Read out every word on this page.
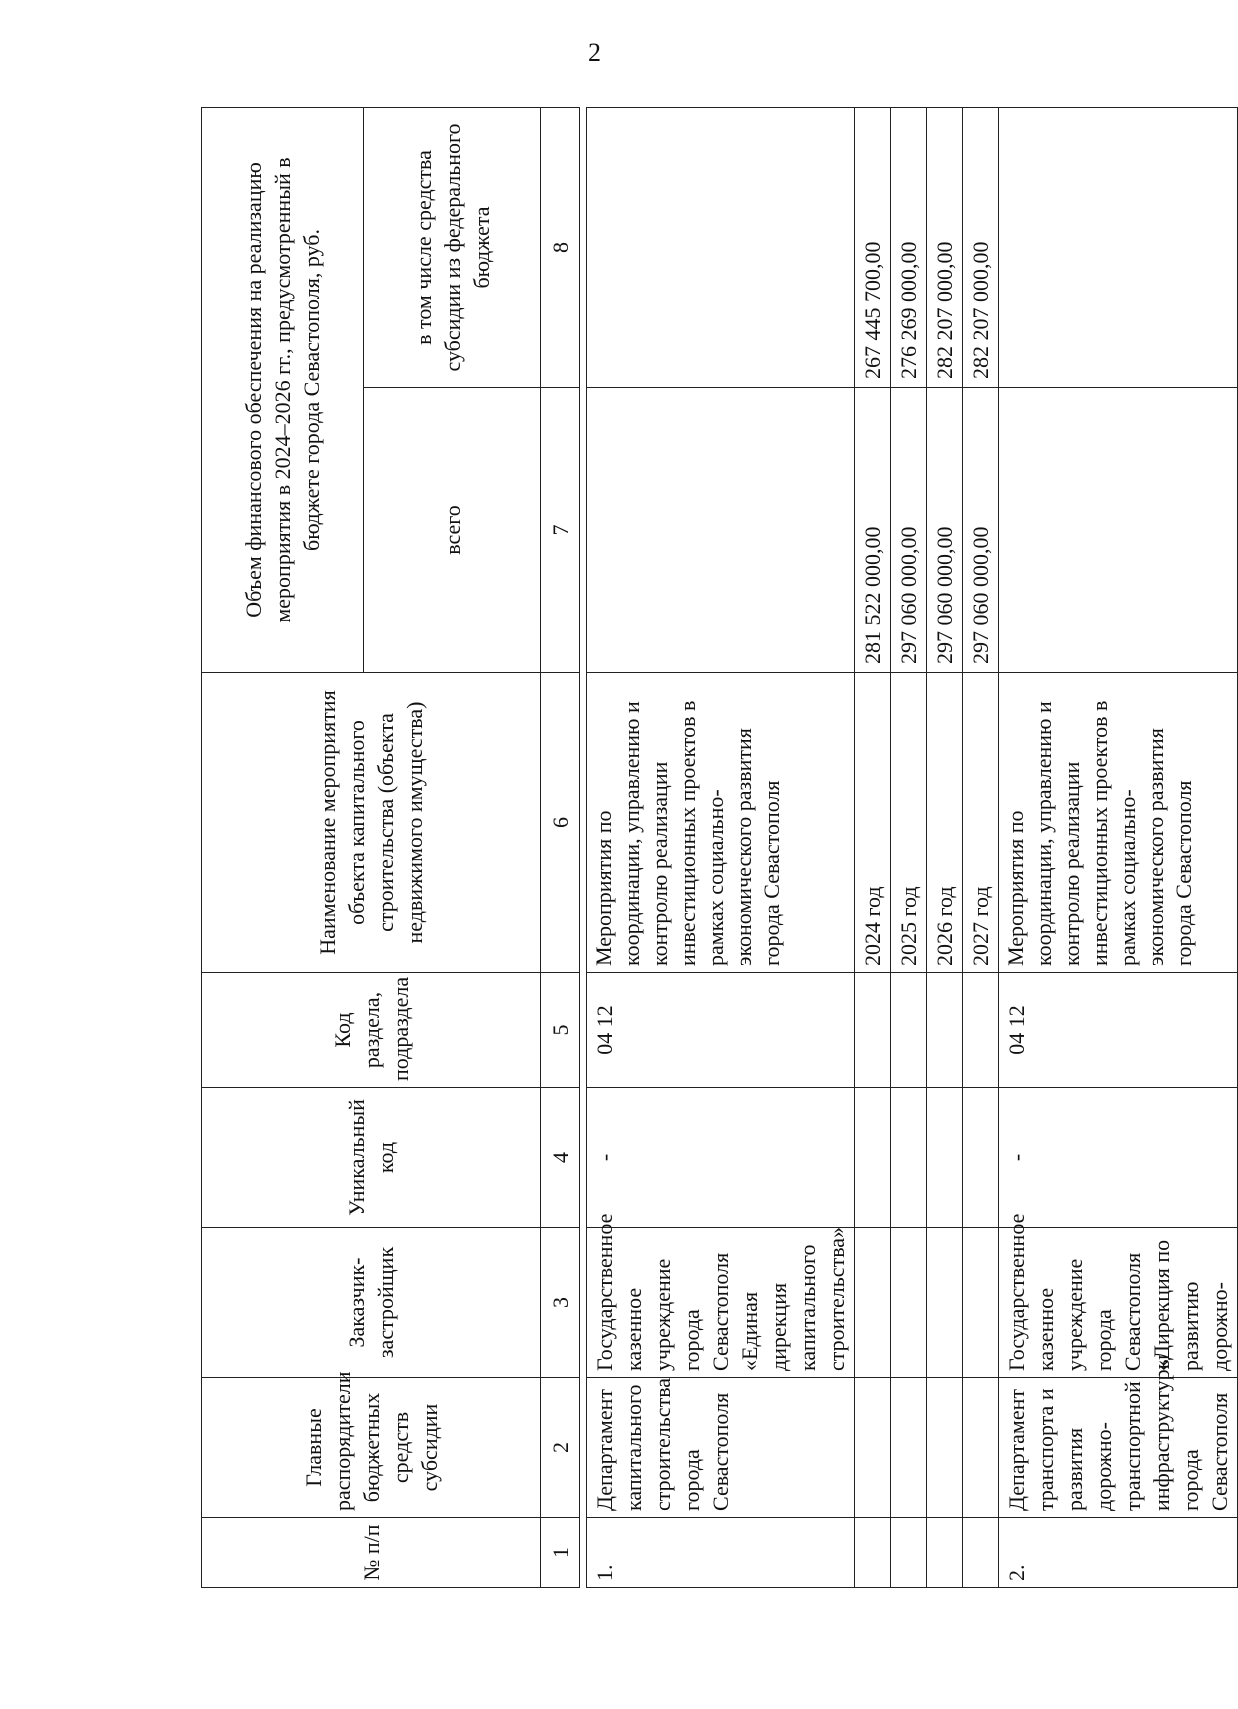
2
№ п/п	Главные распорядители бюджетных средств субсидии	Заказчик-застройщик	Уникальный код	Код раздела, подраздела	Наименование мероприятия объекта капитального строительства (объекта недвижимого имущества)	Объем финансового обеспечения на реализацию мероприятия в 2024–2026 гг., предусмотренный в бюджете города Севастополя, руб.	
						всего	в том числе средства субсидии из федерального бюджета
1	2	3	4	5	6	7	8

1.	Департамент капитального строительства города Севастополя	Государственное казенное учреждение города Севастополя «Единая дирекция капитального строительства»	-	04 12	Мероприятия по координации, управлению и контролю реализации инвестиционных проектов в рамках социально-экономического развития города Севастополя		
					2024 год	281 522 000,00	267 445 700,00
					2025 год	297 060 000,00	276 269 000,00
					2026 год	297 060 000,00	282 207 000,00
					2027 год	297 060 000,00	282 207 000,00
2.	Департамент транспорта и развития дорожно-транспортной инфраструктуры города Севастополя	Государственное казенное учреждение города Севастополя «Дирекция по развитию дорожно-	-	04 12	Мероприятия по координации, управлению и контролю реализации инвестиционных проектов в рамках социально-экономического развития города Севастополя		
